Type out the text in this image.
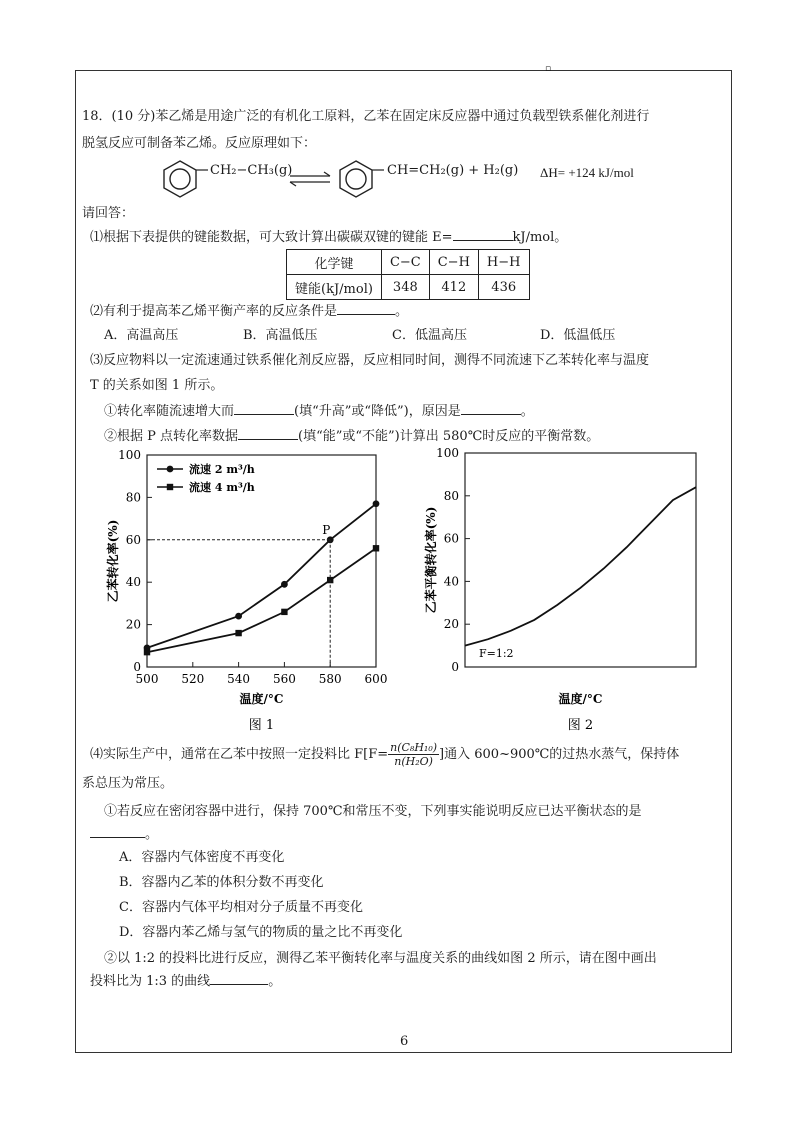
▫
18．(10 分)苯乙烯是用途广泛的有机化工原料，乙苯在固定床反应器中通过负载型铁系催化剂进行
脱氢反应可制备苯乙烯。反应原理如下：
CH₂−CH₃(g)	CH=CH₂(g) + H₂(g) ΔH= +124 kJ/mol
请回答：
⑴根据下表提供的键能数据，可大致计算出碳碳双键的键能 E=	kJ/mol。
化学键	C−C	C−H	H−H
键能(kJ/mol)	348	412	436
⑵有利于提高苯乙烯平衡产率的反应条件是	。
A．高温高压	B．高温低压	C．低温高压	D．低温低压
⑶反应物料以一定流速通过铁系催化剂反应器，反应相同时间，测得不同流速下乙苯转化率与温度
T 的关系如图 1 所示。
①转化率随流速增大而	(填“升高”或“降低”)，原因是	。
②根据 P 点转化率数据	(填“能”或“不能”)计算出 580℃时反应的平衡常数。
0
20
40
60
80
100
500 520 540 560 580 600
温度/°C
乙苯转化率(%)
图 1
流速 2 m³/h
流速 4 m³/h
P
0
20
40
60
80
100
温度/°C
乙苯平衡转化率(%)
图 2
F=1:2
⑷实际生产中，通常在乙苯中按照一定投料比 $F[F= \frac{\text{n(C₈H₁₀)}}{\text{n(H₂O)}}$ ]通入 600~900℃的过热水蒸气，保持体
系总压为常压。
①若反应在密闭容器中进行，保持 700℃和常压不变，下列事实能说明反应已达平衡状态的是
。
A．容器内气体密度不再变化
B．容器内乙苯的体积分数不再变化
C．容器内气体平均相对分子质量不再变化
D．容器内苯乙烯与氢气的物质的量之比不再变化
②以 1:2 的投料比进行反应，测得乙苯平衡转化率与温度关系的曲线如图 2 所示，请在图中画出
投料比为 1:3 的曲线	。
6
